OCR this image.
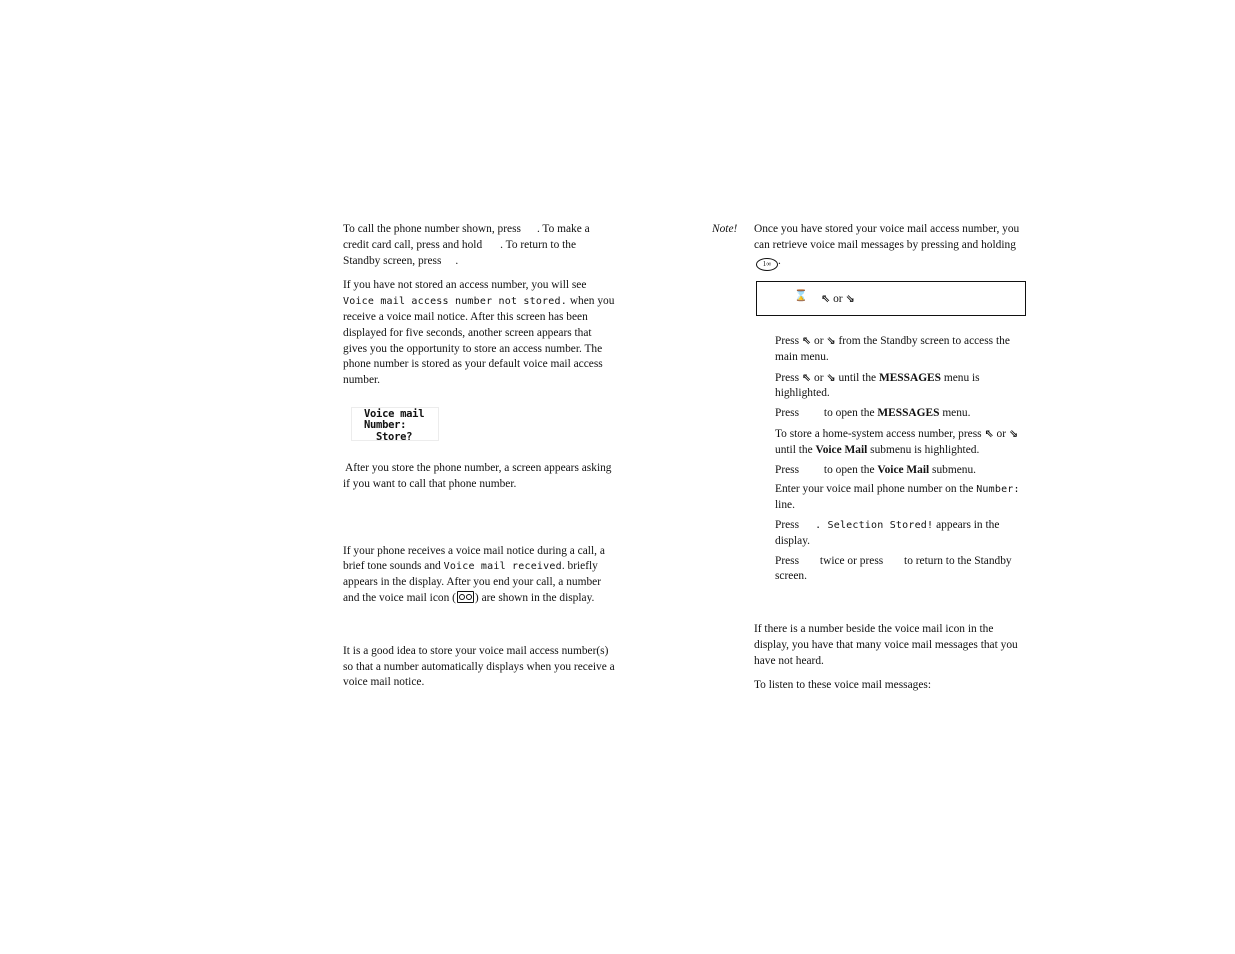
To call the phone number shown, press . To make a credit card call, press and hold . To return to the Standby screen, press .

If you have not stored an access number, you will see Voice mail access number not stored. when you receive a voice mail notice. After this screen has been displayed for five seconds, another screen appears that gives you the opportunity to store an access number. The phone number is stored as your default voice mail access number.

Voice mail
Number:
Store?

After you store the phone number, a screen appears asking if you want to call that phone number.

If your phone receives a voice mail notice during a call, a brief tone sounds and Voice mail received. briefly appears in the display. After you end your call, a number and the voice mail icon ( ) are shown in the display.

It is a good idea to store your voice mail access number(s) so that a number automatically displays when you receive a voice mail notice.

Note! Once you have stored your voice mail access number, you can retrieve voice mail messages by pressing and holding 1∞ .

⌛ ⇖ or ⇘

Press ⇖ or ⇘ from the Standby screen to access the main menu.

Press ⇖ or ⇘ until the MESSAGES menu is highlighted.

Press to open the MESSAGES menu.

To store a home-system access number, press ⇖ or ⇘ until the Voice Mail submenu is highlighted.

Press to open the Voice Mail submenu.

Enter your voice mail phone number on the Number: line.

Press . Selection Stored! appears in the display.

Press twice or press to return to the Standby screen.

If there is a number beside the voice mail icon in the display, you have that many voice mail messages that you have not heard.

To listen to these voice mail messages:
